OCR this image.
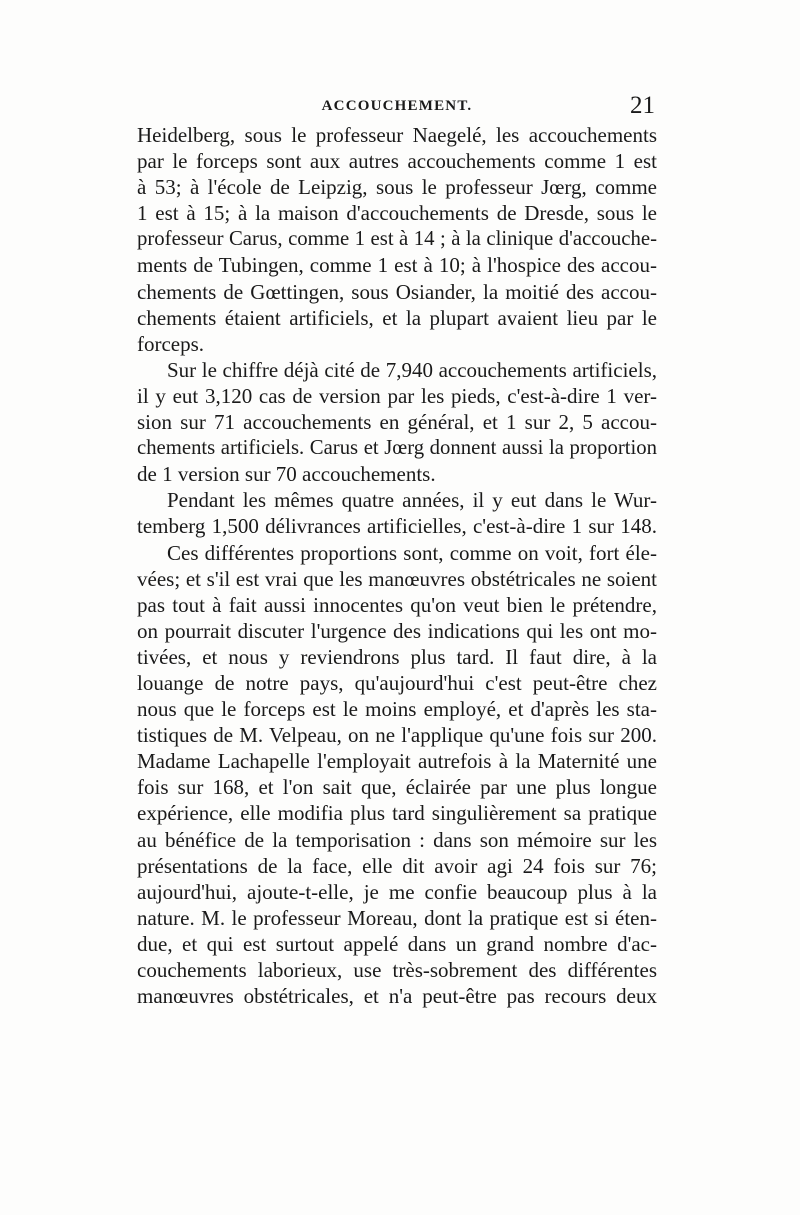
ACCOUCHEMENT.	21
Heidelberg, sous le professeur Naegelé, les accouchements
par le forceps sont aux autres accouchements comme 1 est
à 53; à l'école de Leipzig, sous le professeur Jœrg, comme
1 est à 15; à la maison d'accouchements de Dresde, sous le
professeur Carus, comme 1 est à 14 ; à la clinique d'accouche-
ments de Tubingen, comme 1 est à 10; à l'hospice des accou-
chements de Gœttingen, sous Osiander, la moitié des accou-
chements étaient artificiels, et la plupart avaient lieu par le
forceps.
Sur le chiffre déjà cité de 7,940 accouchements artificiels,
il y eut 3,120 cas de version par les pieds, c'est-à-dire 1 ver-
sion sur 71 accouchements en général, et 1 sur 2, 5 accou-
chements artificiels. Carus et Jœrg donnent aussi la proportion
de 1 version sur 70 accouchements.
Pendant les mêmes quatre années, il y eut dans le Wur-
temberg 1,500 délivrances artificielles, c'est-à-dire 1 sur 148.
Ces différentes proportions sont, comme on voit, fort éle-
vées; et s'il est vrai que les manœuvres obstétricales ne soient
pas tout à fait aussi innocentes qu'on veut bien le prétendre,
on pourrait discuter l'urgence des indications qui les ont mo-
tivées, et nous y reviendrons plus tard. Il faut dire, à la
louange de notre pays, qu'aujourd'hui c'est peut-être chez
nous que le forceps est le moins employé, et d'après les sta-
tistiques de M. Velpeau, on ne l'applique qu'une fois sur 200.
Madame Lachapelle l'employait autrefois à la Maternité une
fois sur 168, et l'on sait que, éclairée par une plus longue
expérience, elle modifia plus tard singulièrement sa pratique
au bénéfice de la temporisation : dans son mémoire sur les
présentations de la face, elle dit avoir agi 24 fois sur 76;
aujourd'hui, ajoute-t-elle, je me confie beaucoup plus à la
nature. M. le professeur Moreau, dont la pratique est si éten-
due, et qui est surtout appelé dans un grand nombre d'ac-
couchements laborieux, use très-sobrement des différentes
manœuvres obstétricales, et n'a peut-être pas recours deux
